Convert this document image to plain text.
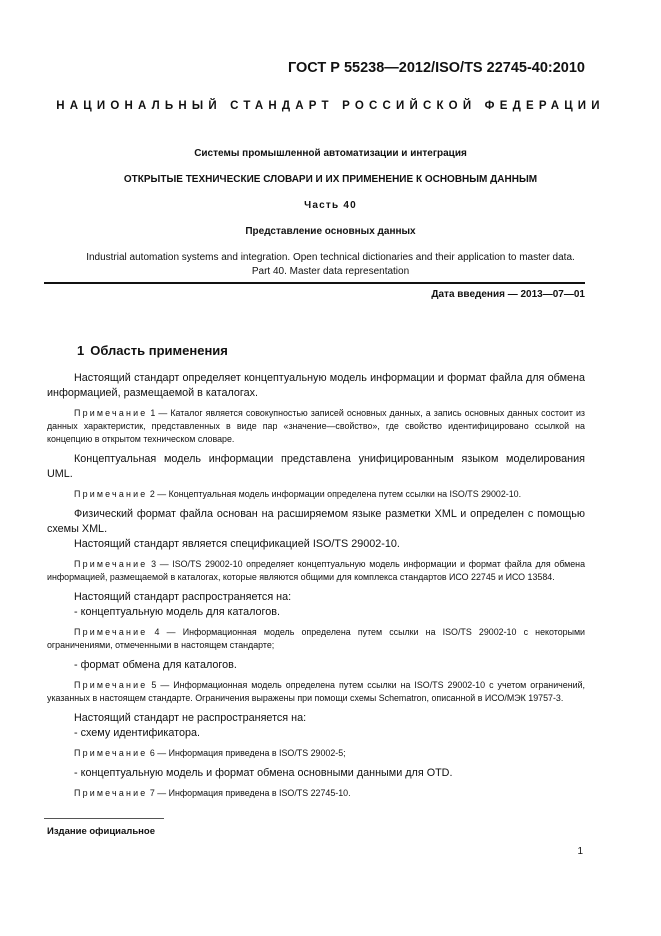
ГОСТ Р 55238—2012/ISO/TS 22745-40:2010
НАЦИОНАЛЬНЫЙ СТАНДАРТ РОССИЙСКОЙ ФЕДЕРАЦИИ
Системы промышленной автоматизации и интеграция
ОТКРЫТЫЕ ТЕХНИЧЕСКИЕ СЛОВАРИ И ИХ ПРИМЕНЕНИЕ К ОСНОВНЫМ ДАННЫМ
Часть 40
Представление основных данных
Industrial automation systems and integration. Open technical dictionaries and their application to master data.
Part 40. Master data representation
Дата введения — 2013—07—01
1 Область применения
Настоящий стандарт определяет концептуальную модель информации и формат файла для обмена информацией, размещаемой в каталогах.
Примечание 1 — Каталог является совокупностью записей основных данных, а запись основных данных состоит из данных характеристик, представленных в виде пар «значение—свойство», где свойство идентифицировано ссылкой на концепцию в открытом техническом словаре.
Концептуальная модель информации представлена унифицированным языком моделирования UML.
Примечание 2 — Концептуальная модель информации определена путем ссылки на ISO/TS 29002-10.
Физический формат файла основан на расширяемом языке разметки XML и определен с помощью схемы XML.
Настоящий стандарт является спецификацией ISO/TS 29002-10.
Примечание 3 — ISO/TS 29002-10 определяет концептуальную модель информации и формат файла для обмена информацией, размещаемой в каталогах, которые являются общими для комплекса стандартов ИСО 22745 и ИСО 13584.
Настоящий стандарт распространяется на:
- концептуальную модель для каталогов.
Примечание 4 — Информационная модель определена путем ссылки на ISO/TS 29002-10 с некоторыми ограничениями, отмеченными в настоящем стандарте;
- формат обмена для каталогов.
Примечание 5 — Информационная модель определена путем ссылки на ISO/TS 29002-10 с учетом ограничений, указанных в настоящем стандарте. Ограничения выражены при помощи схемы Schematron, описанной в ИСО/МЭК 19757-3.
Настоящий стандарт не распространяется на:
- схему идентификатора.
Примечание 6 — Информация приведена в ISO/TS 29002-5;
- концептуальную модель и формат обмена основными данными для OTD.
Примечание 7 — Информация приведена в ISO/TS 22745-10.
Издание официальное
1
